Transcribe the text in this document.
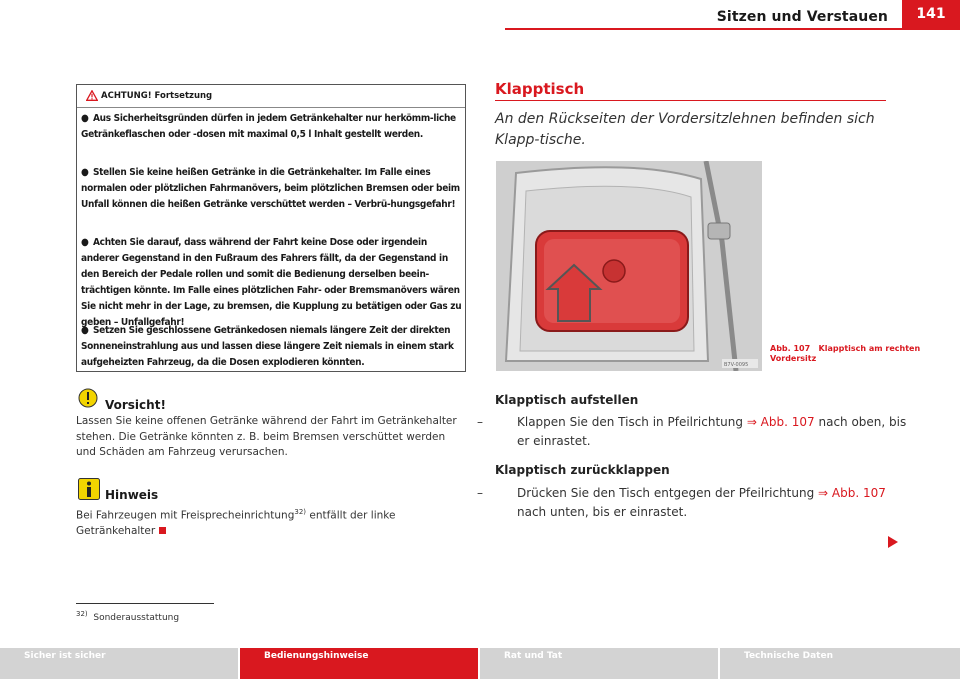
Sitzen und Verstauen	141
ACHTUNG! Fortsetzung
● Aus Sicherheitsgründen dürfen in jedem Getränkehalter nur herkömm-liche Getränkeflaschen oder -dosen mit maximal 0,5 l Inhalt gestellt werden.
● Stellen Sie keine heißen Getränke in die Getränkehalter. Im Falle eines normalen oder plötzlichen Fahrmanövers, beim plötzlichen Bremsen oder beim Unfall können die heißen Getränke verschüttet werden – Verbrü-hungsgefahr!
● Achten Sie darauf, dass während der Fahrt keine Dose oder irgendein anderer Gegenstand in den Fußraum des Fahrers fällt, da der Gegenstand in den Bereich der Pedale rollen und somit die Bedienung derselben beein-trächtigen könnte. Im Falle eines plötzlichen Fahr- oder Bremsmanövers wären Sie nicht mehr in der Lage, zu bremsen, die Kupplung zu betätigen oder Gas zu geben – Unfallgefahr!
● Setzen Sie geschlossene Getränkedosen niemals längere Zeit der direkten Sonneneinstrahlung aus und lassen diese längere Zeit niemals in einem stark aufgeheizten Fahrzeug, da die Dosen explodieren könnten.
Vorsicht!
Lassen Sie keine offenen Getränke während der Fahrt im Getränkehalter stehen. Die Getränke könnten z. B. beim Bremsen verschüttet werden und Schäden am Fahrzeug verursachen.
Hinweis
Bei Fahrzeugen mit Freisprecheinrichtung$^{32)}$ entfällt der linke Getränkehalter
Klapptisch
An den Rückseiten der Vordersitzlehnen befinden sich Klapp-tische.
B7V-0095
Abb. 107 Klapptisch am rechten Vordersitz
Klapptisch aufstellen
–	Klappen Sie den Tisch in Pfeilrichtung ⇒ Abb. 107 nach oben, bis er einrastet.
Klapptisch zurückklappen
–	Drücken Sie den Tisch entgegen der Pfeilrichtung ⇒ Abb. 107 nach unten, bis er einrastet.
$^{32)}$ Sonderausstattung
Sicher ist sicher	Bedienungshinweise	Rat und Tat	Technische Daten
